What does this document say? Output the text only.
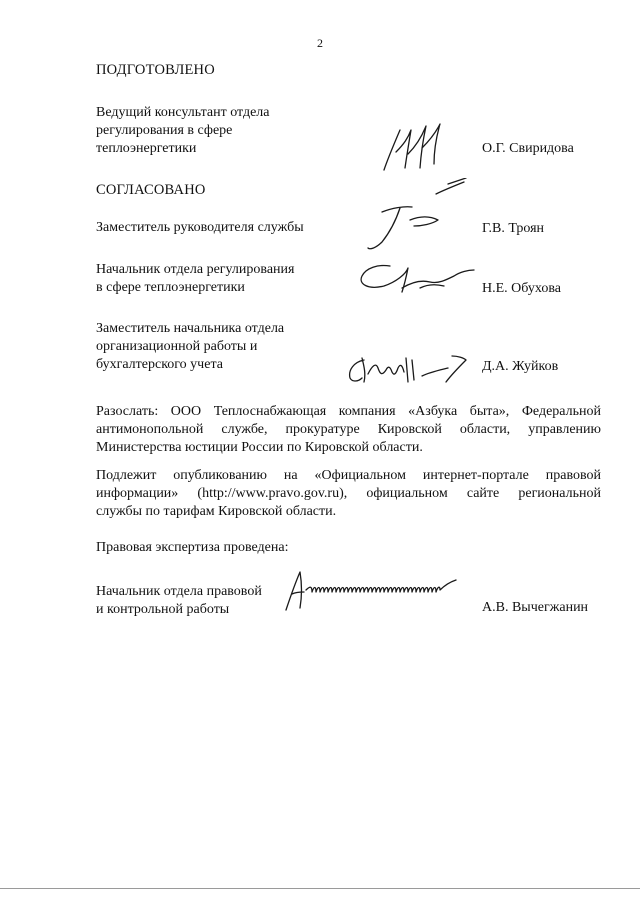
2
ПОДГОТОВЛЕНО
Ведущий консультант отдела
регулирования в сфере
теплоэнергетики	О.Г. Свиридова
СОГЛАСОВАНО
Заместитель руководителя службы	Г.В. Троян
Начальник отдела регулирования
в сфере теплоэнергетики	Н.Е. Обухова
Заместитель начальника отдела
организационной работы и
бухгалтерского учета	Д.А. Жуйков
Разослать: ООО Теплоснабжающая компания «Азбука быта», Федеральной
антимонопольной службе, прокуратуре Кировской области, управлению
Министерства юстиции России по Кировской области.
Подлежит опубликованию на «Официальном интернет-портале правовой
информации» (http://www.pravo.gov.ru), официальном сайте региональной
службы по тарифам Кировской области.
Правовая экспертиза проведена:
Начальник отдела правовой
и контрольной работы	А.В. Вычегжанин
